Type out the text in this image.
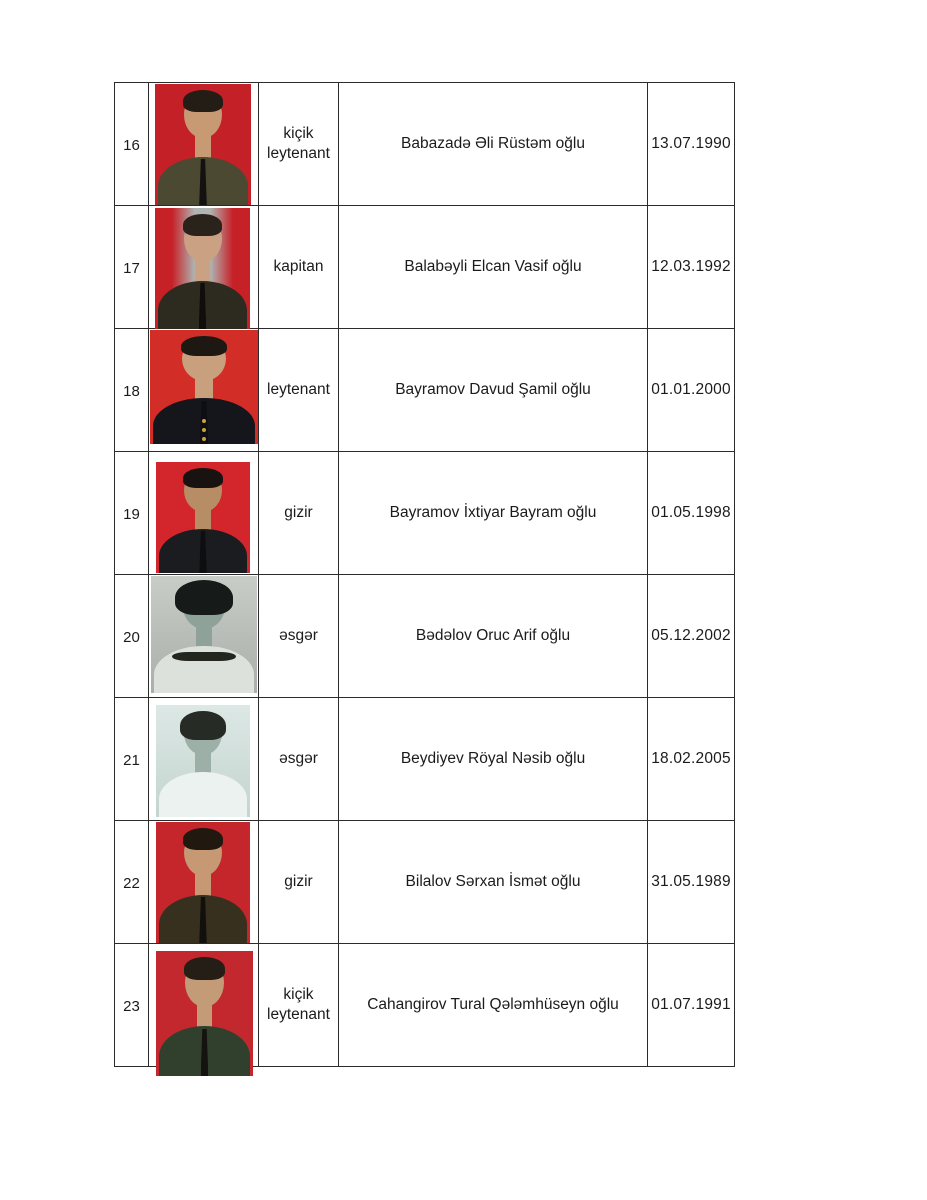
16		kiçik leytenant	Babazadə Əli Rüstəm oğlu	13.07.1990
17		kapitan	Balabəyli Elcan Vasif oğlu	12.03.1992
18		leytenant	Bayramov Davud Şamil oğlu	01.01.2000
19		gizir	Bayramov İxtiyar Bayram oğlu	01.05.1998
20		əsgər	Bədəlov Oruc Arif oğlu	05.12.2002
21		əsgər	Beydiyev Röyal Nəsib oğlu	18.02.2005
22		gizir	Bilalov Sərxan İsmət oğlu	31.05.1989
23		kiçik leytenant	Cahangirov Tural Qələmhüseyn oğlu	01.07.1991
